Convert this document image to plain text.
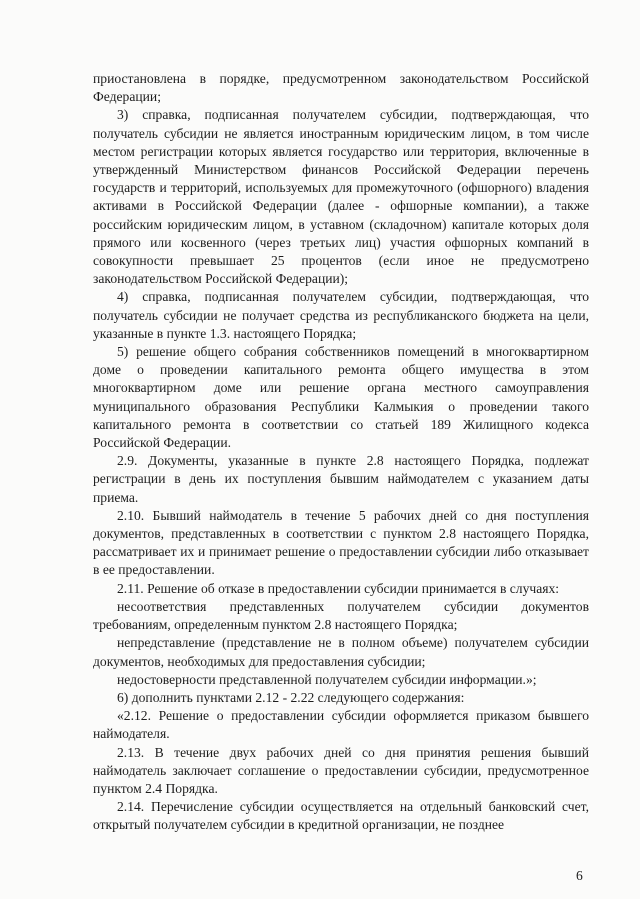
приостановлена в порядке, предусмотренном законодательством Российской Федерации;

3) справка, подписанная получателем субсидии, подтверждающая, что получатель субсидии не является иностранным юридическим лицом, в том числе местом регистрации которых является государство или территория, включенные в утвержденный Министерством финансов Российской Федерации перечень государств и территорий, используемых для промежуточного (офшорного) владения активами в Российской Федерации (далее - офшорные компании), а также российским юридическим лицом, в уставном (складочном) капитале которых доля прямого или косвенного (через третьих лиц) участия офшорных компаний в совокупности превышает 25 процентов (если иное не предусмотрено законодательством Российской Федерации);

4) справка, подписанная получателем субсидии, подтверждающая, что получатель субсидии не получает средства из республиканского бюджета на цели, указанные в пункте 1.3. настоящего Порядка;

5) решение общего собрания собственников помещений в многоквартирном доме о проведении капитального ремонта общего имущества в этом многоквартирном доме или решение органа местного самоуправления муниципального образования Республики Калмыкия о проведении такого капитального ремонта в соответствии со статьей 189 Жилищного кодекса Российской Федерации.

2.9. Документы, указанные в пункте 2.8 настоящего Порядка, подлежат регистрации в день их поступления бывшим наймодателем с указанием даты приема.

2.10. Бывший наймодатель в течение 5 рабочих дней со дня поступления документов, представленных в соответствии с пунктом 2.8 настоящего Порядка, рассматривает их и принимает решение о предоставлении субсидии либо отказывает в ее предоставлении.

2.11. Решение об отказе в предоставлении субсидии принимается в случаях:

несоответствия представленных получателем субсидии документов требованиям, определенным пунктом 2.8 настоящего Порядка;

непредставление (представление не в полном объеме) получателем субсидии документов, необходимых для предоставления субсидии;

недостоверности представленной получателем субсидии информации.»;

6) дополнить пунктами 2.12 - 2.22 следующего содержания:

«2.12. Решение о предоставлении субсидии оформляется приказом бывшего наймодателя.

2.13. В течение двух рабочих дней со дня принятия решения бывший наймодатель заключает соглашение о предоставлении субсидии, предусмотренное пунктом 2.4 Порядка.

2.14. Перечисление субсидии осуществляется на отдельный банковский счет, открытый получателем субсидии в кредитной организации, не позднее

6
